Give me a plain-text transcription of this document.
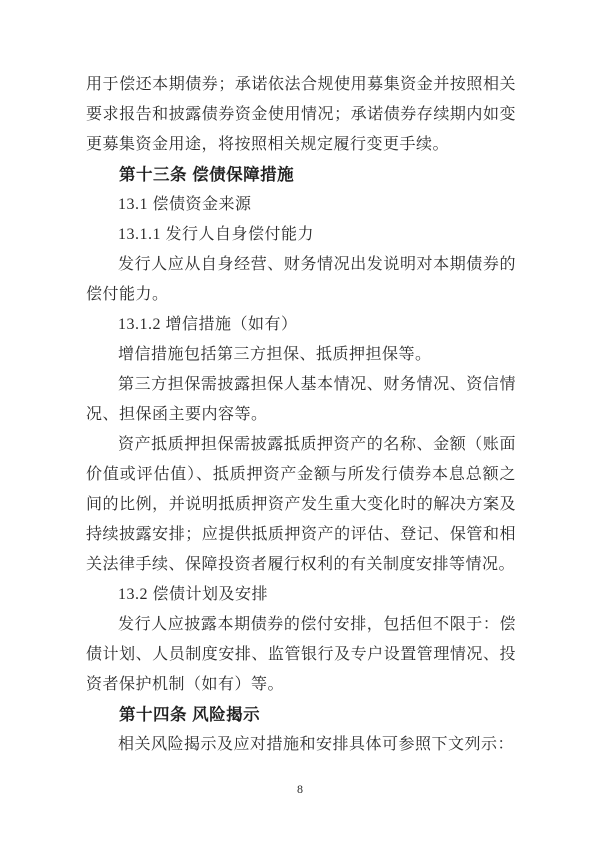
用于偿还本期债券；承诺依法合规使用募集资金并按照相关要求报告和披露债券资金使用情况；承诺债券存续期内如变更募集资金用途，将按照相关规定履行变更手续。

第十三条 偿债保障措施

13.1 偿债资金来源

13.1.1 发行人自身偿付能力

发行人应从自身经营、财务情况出发说明对本期债券的偿付能力。

13.1.2 增信措施（如有）

增信措施包括第三方担保、抵质押担保等。

第三方担保需披露担保人基本情况、财务情况、资信情况、担保函主要内容等。

资产抵质押担保需披露抵质押资产的名称、金额（账面价值或评估值）、抵质押资产金额与所发行债券本息总额之间的比例，并说明抵质押资产发生重大变化时的解决方案及持续披露安排；应提供抵质押资产的评估、登记、保管和相关法律手续、保障投资者履行权利的有关制度安排等情况。

13.2 偿债计划及安排

发行人应披露本期债券的偿付安排，包括但不限于：偿债计划、人员制度安排、监管银行及专户设置管理情况、投资者保护机制（如有）等。

第十四条 风险揭示

相关风险揭示及应对措施和安排具体可参照下文列示：

8
